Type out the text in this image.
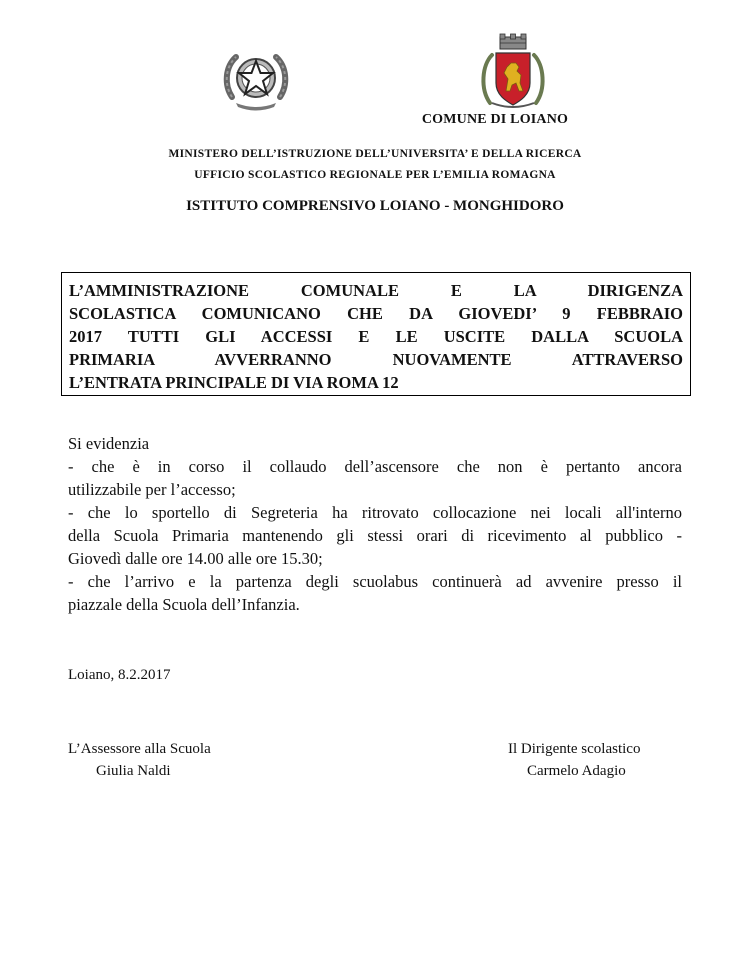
COMUNE DI LOIANO
MINISTERO DELL’ISTRUZIONE DELL’UNIVERSITA’ E DELLA RICERCA
UFFICIO SCOLASTICO REGIONALE PER L’EMILIA ROMAGNA
ISTITUTO COMPRENSIVO LOIANO - MONGHIDORO
L’AMMINISTRAZIONE COMUNALE E LA DIRIGENZA
SCOLASTICA COMUNICANO CHE DA GIOVEDI’ 9 FEBBRAIO
2017 TUTTI GLI ACCESSI E LE USCITE DALLA SCUOLA
PRIMARIA AVVERRANNO NUOVAMENTE ATTRAVERSO
L’ENTRATA PRINCIPALE DI VIA ROMA 12
Si evidenzia
- che è in corso il collaudo dell’ascensore che non è pertanto ancora
utilizzabile per l’accesso;
- che lo sportello di Segreteria ha ritrovato collocazione nei locali all'interno
della Scuola Primaria mantenendo gli stessi orari di ricevimento al pubblico -
Giovedì dalle ore 14.00 alle ore 15.30;
- che l’arrivo e la partenza degli scuolabus continuerà ad avvenire presso il
piazzale della Scuola dell’Infanzia.
Loiano, 8.2.2017
L’Assessore alla Scuola
Giulia Naldi
Il Dirigente scolastico
Carmelo Adagio
